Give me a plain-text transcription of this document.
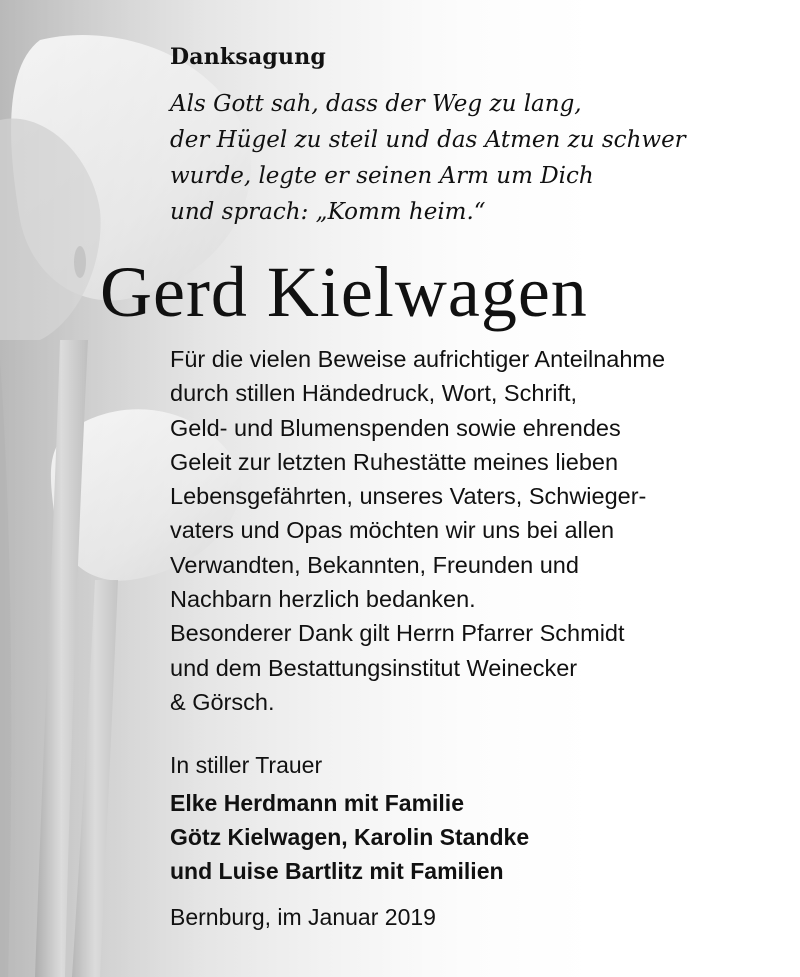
Danksagung
Als Gott sah, dass der Weg zu lang,
der Hügel zu steil und das Atmen zu schwer
wurde, legte er seinen Arm um Dich
und sprach: „Komm heim.“
Gerd Kielwagen
Für die vielen Beweise aufrichtiger Anteilnahme
durch stillen Händedruck, Wort, Schrift,
Geld- und Blumenspenden sowie ehrendes
Geleit zur letzten Ruhestätte meines lieben
Lebensgefährten, unseres Vaters, Schwieger-
vaters und Opas möchten wir uns bei allen
Verwandten, Bekannten, Freunden und
Nachbarn herzlich bedanken.
Besonderer Dank gilt Herrn Pfarrer Schmidt
und dem Bestattungsinstitut Weinecker
& Görsch.
In stiller Trauer
Elke Herdmann mit Familie
Götz Kielwagen, Karolin Standke
und Luise Bartlitz mit Familien
Bernburg, im Januar 2019
